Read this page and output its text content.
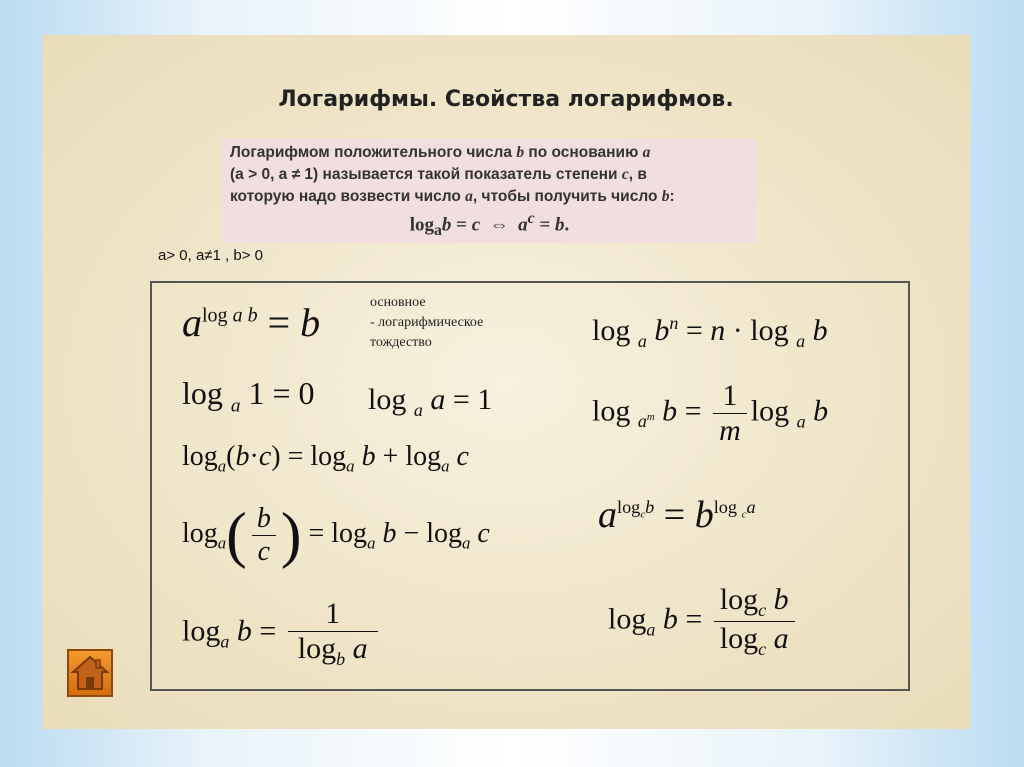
Логарифмы. Свойства логарифмов.
Логарифмом положительного числа b по основанию a
(a > 0, a ≠ 1) называется такой показатель степени c, в
которую надо возвести число a, чтобы получить число b:
$\log_ab = c$  ⇔  $a^c = b$.
a> 0, a≠1 , b> 0
$a^{log a b} = b$	основное
- логарифмическое
тождество
log $_a$ 1 = 0 log $_a$ a = 1
$\log_a(b\cdot c) = \log_a b + \log_a c$
$\log_a( \frac{b}{c}$ ) = $\log_a b - \log_a c$
$\log_a b = \frac{1}{\log_b a}$
log $_a$ $b^n = n \cdot \log _a$ b
log $_{a^m}$ $b = \frac{1}{m}$ log $_a$ b
$a^{log_cb} = b^{log _ca}$
$\log_a b = \frac{\log_c b}{\log_c a}$
